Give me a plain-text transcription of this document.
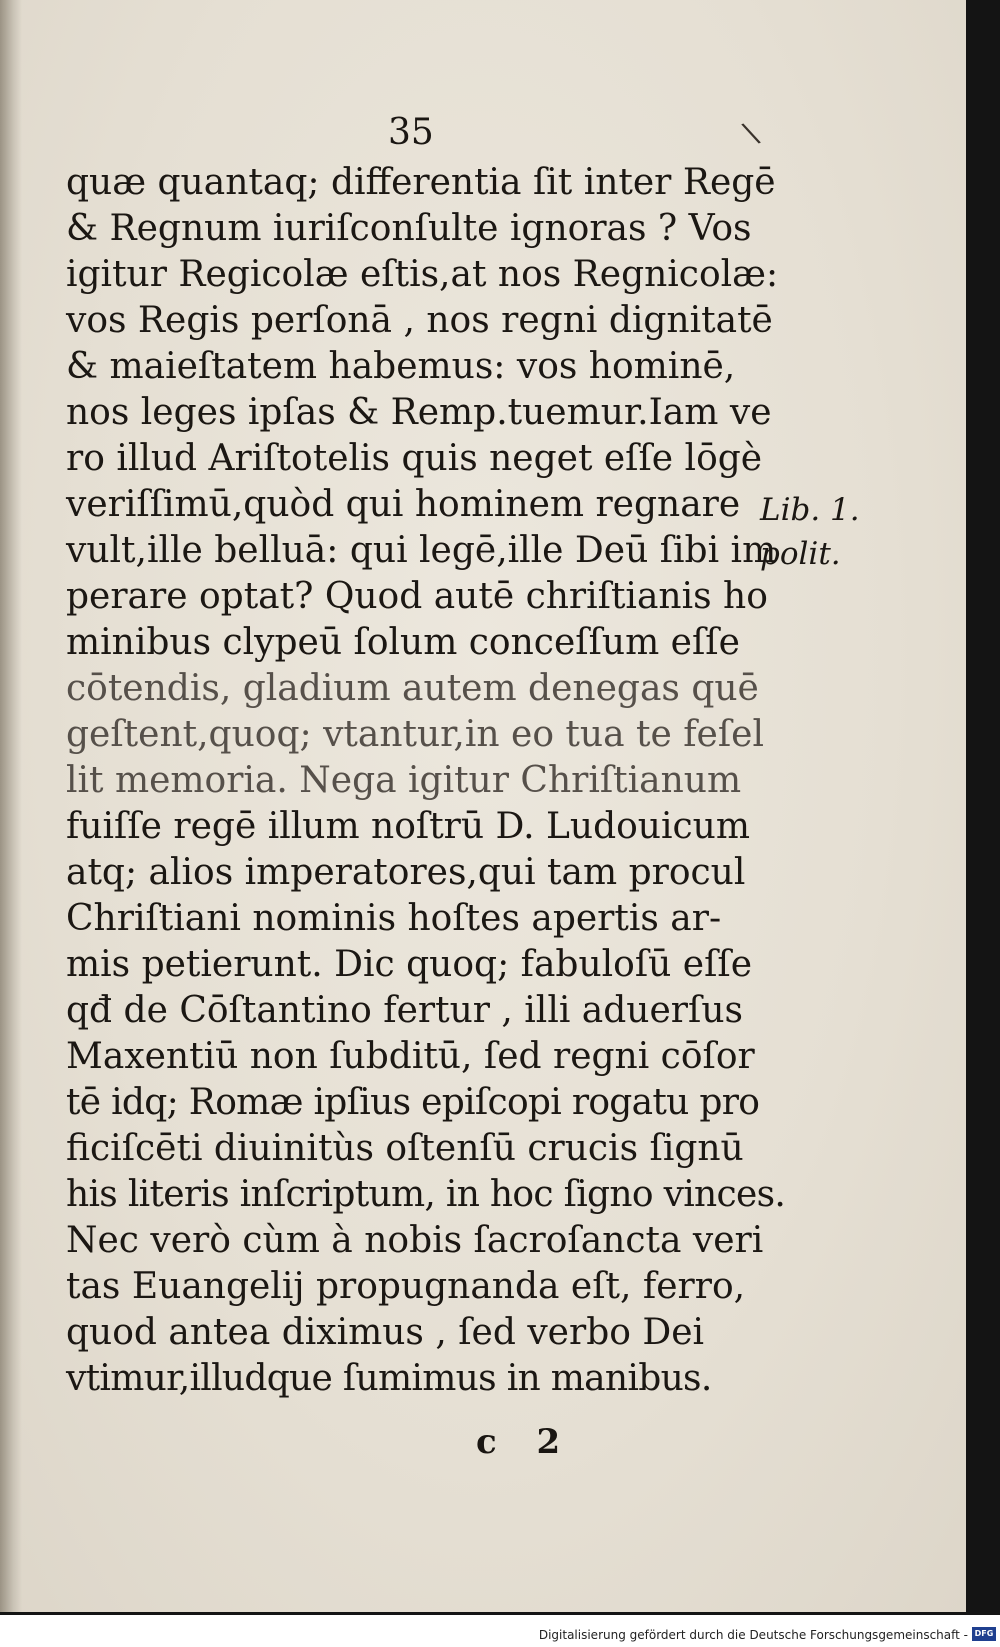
35	\
quæ quantaq; differentia ſit inter Regē
& Regnum iuriſconſulte ignoras ? Vos
igitur Regicolæ eſtis,at nos Regnicolæ:
vos Regis perſonā , nos regni dignitatē
& maieſtatem habemus: vos hominē,
nos leges ipſas & Remp.tuemur.Iam ve
ro illud Ariſtotelis quis neget eſſe lōgè
veriſſimū,quòd qui hominem regnare
vult,ille belluā: qui legē,ille Deū ſibi im
perare optat? Quod autē chriſtianis ho
minibus clypeū ſolum conceſſum eſſe
cōtendis, gladium autem denegas quē
geſtent,quoq; vtantur,in eo tua te feſel
lit memoria. Nega igitur Chriſtianum
fuiſſe regē illum noſtrū D. Ludouicum
atq; alios imperatores,qui tam procul
Chriſtiani nominis hoſtes apertis ar-
mis petierunt. Dic quoq; fabuloſū eſſe
qđ de Cōſtantino fertur , illi aduerſus
Maxentiū non ſubditū, ſed regni cōſor
tē idq; Romæ ipſius epiſcopi rogatu pro
ficiſcēti diuinitùs oſtenſū crucis ſignū
his literis inſcriptum, in hoc ſigno vinces.
Nec verò cùm à nobis ſacroſancta veri
tas Euangelij propugnanda eſt, ferro,
quod antea diximus , ſed verbo Dei
vtimur,illudque ſumimus in manibus.
Lib. 1.
polit.
c 2
Digitalisierung gefördert durch die Deutsche Forschungsgemeinschaft - DFG
